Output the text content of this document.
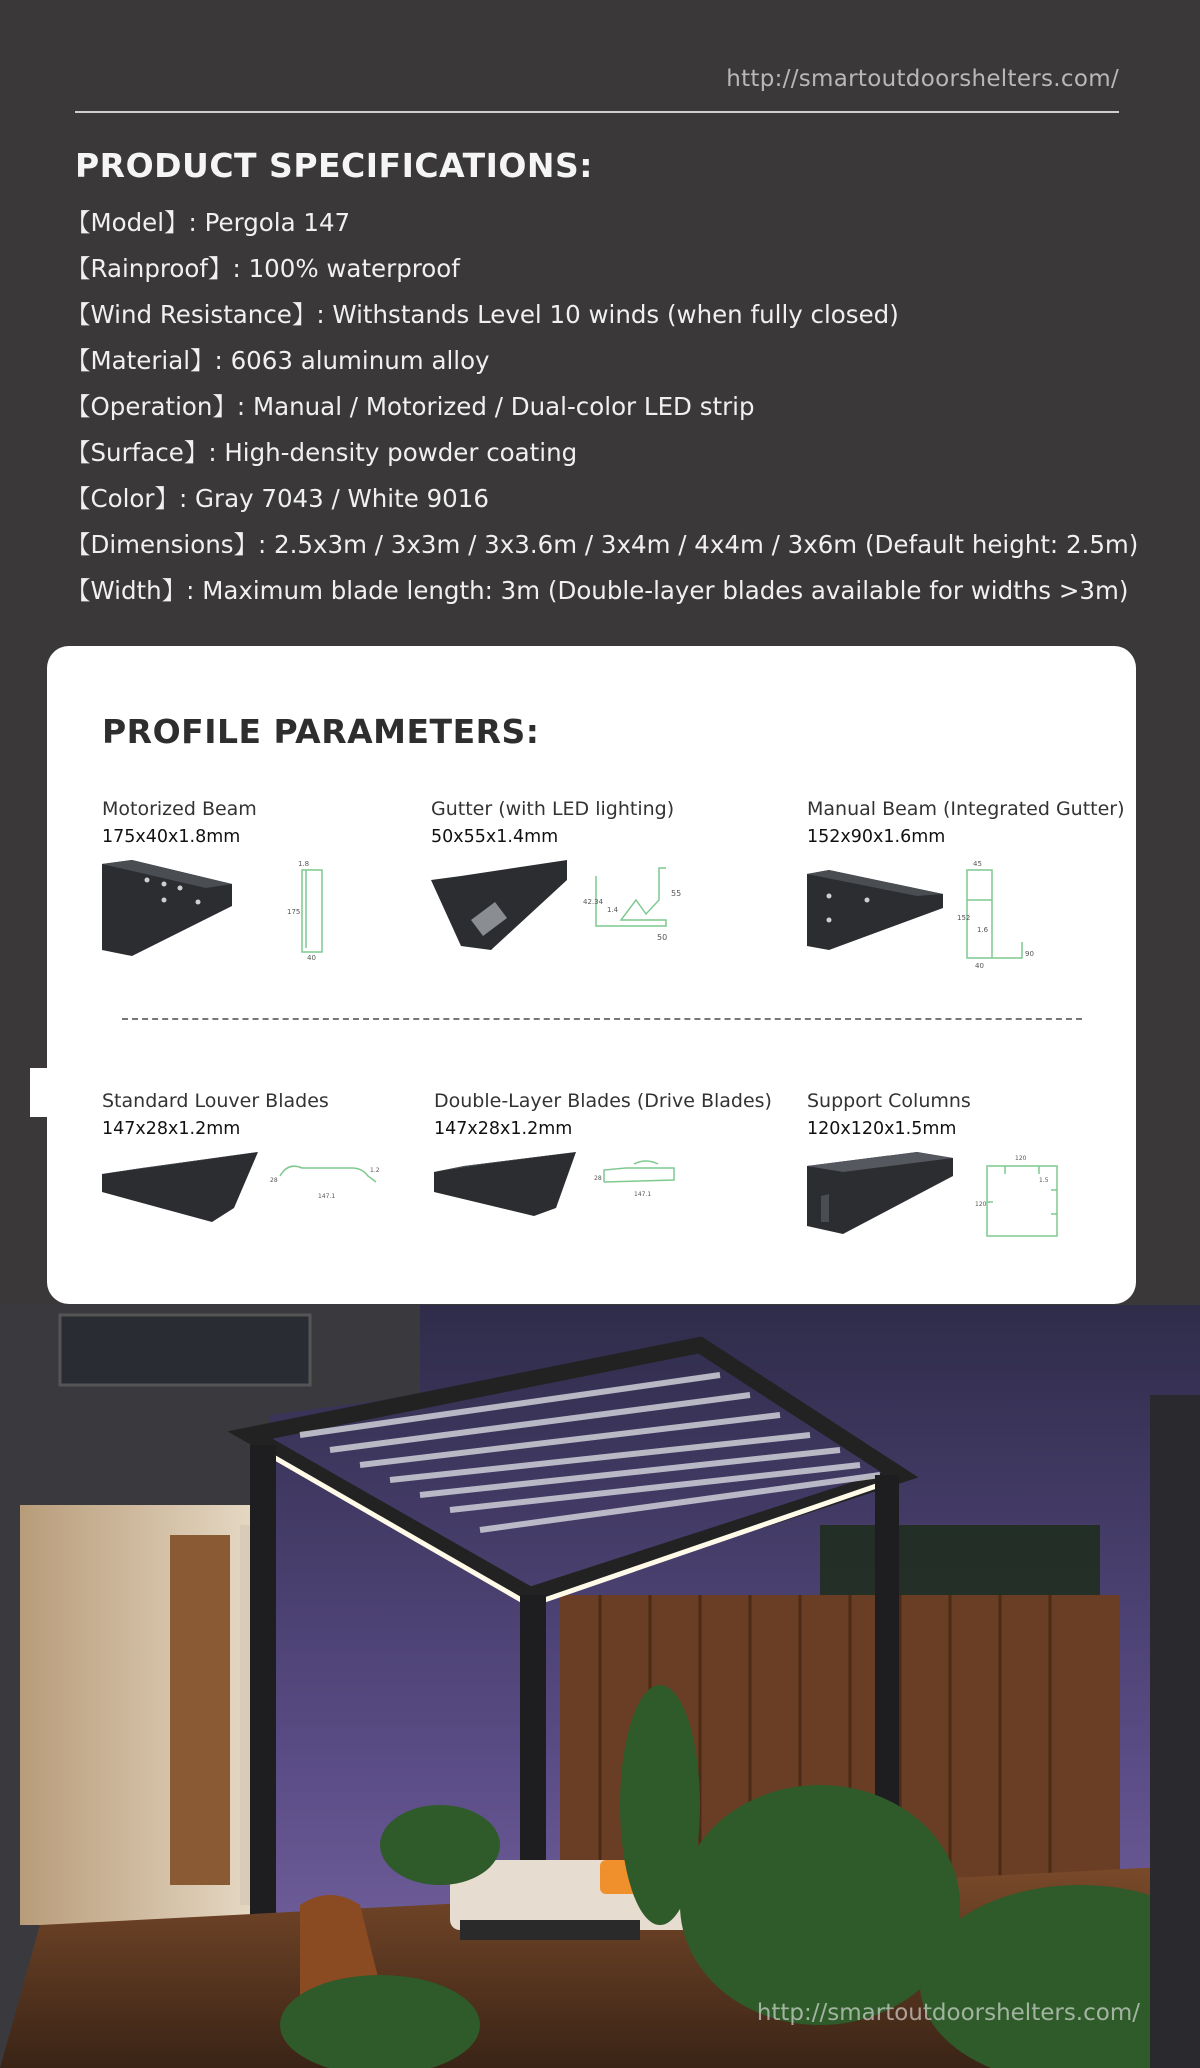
http://smartoutdoorshelters.com/
PRODUCT SPECIFICATIONS:
【Model】: Pergola 147
【Rainproof】: 100% waterproof
【Wind Resistance】: Withstands Level 10 winds (when fully closed)
【Material】: 6063 aluminum alloy
【Operation】: Manual / Motorized / Dual-color LED strip
【Surface】: High-density powder coating
【Color】: Gray 7043 / White 9016
【Dimensions】: 2.5x3m / 3x3m / 3x3.6m / 3x4m / 4x4m / 3x6m (Default height: 2.5m)
【Width】: Maximum blade length: 3m (Double-layer blades available for widths >3m)
PROFILE PARAMETERS:
Motorized Beam
175x40x1.8mm
1.8
175
40
Gutter (with LED lighting)
50x55x1.4mm
42.34
1.4
50
55
Manual Beam (Integrated Gutter)
152x90x1.6mm
45
152
1.6
90
40
Standard Louver Blades
147x28x1.2mm
28
1.2
147.1
Double-Layer Blades (Drive Blades)
147x28x1.2mm
28
147.1
Support Columns
120x120x1.5mm
120
1.5
120
http://smartoutdoorshelters.com/
